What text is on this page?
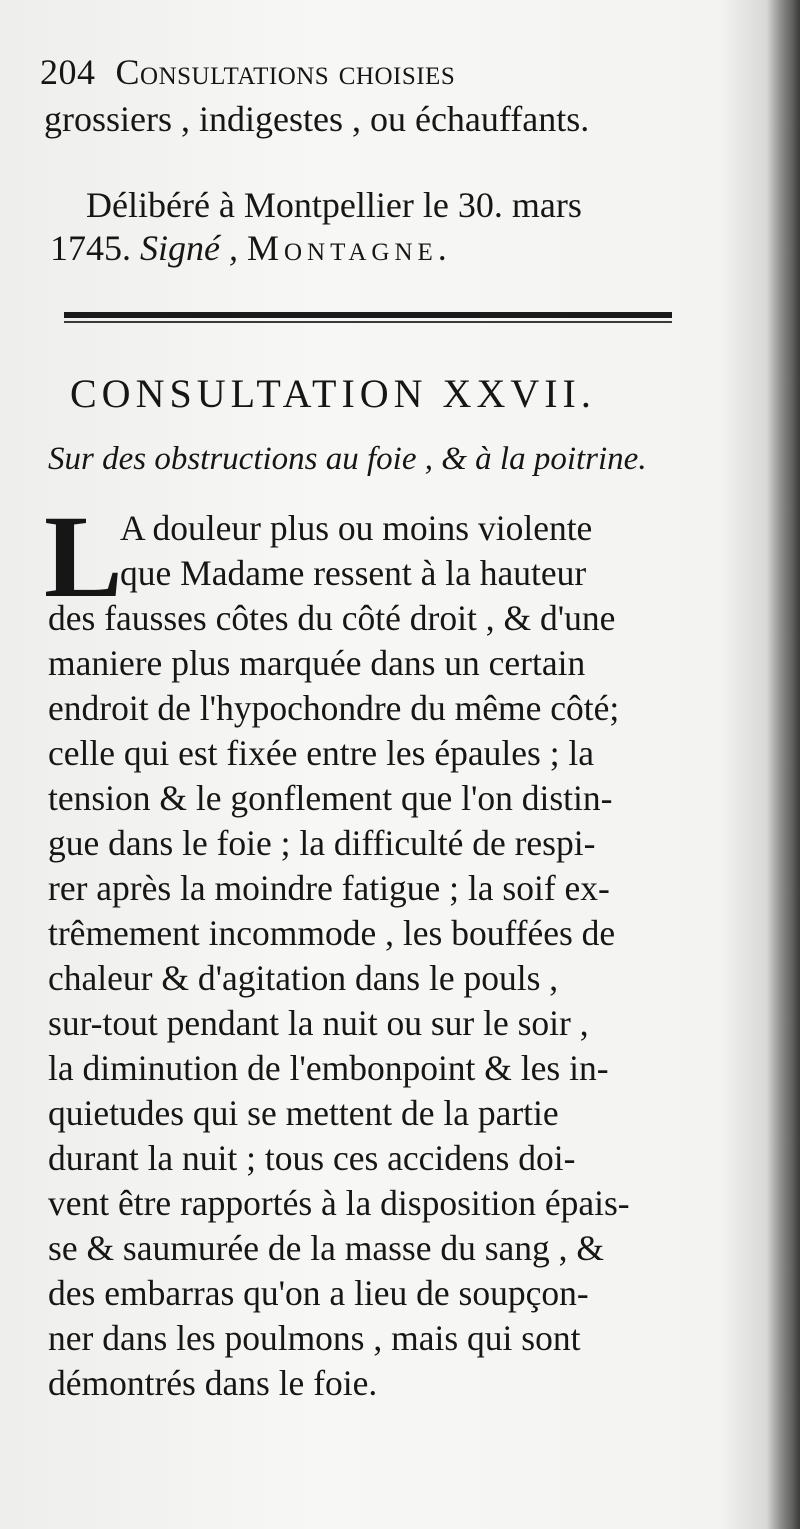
204 Consultations choisies
grossiers , indigestes , ou échauffants.
Délibéré à Montpellier le 30. mars
1745. Signé , Montagne.
CONSULTATION XXVII.
Sur des obstructions au foie , & à la poitrine.
L
A douleur plus ou moins violente
que Madame ressent à la hauteur
des fausses côtes du côté droit , & d'une
maniere plus marquée dans un certain
endroit de l'hypochondre du même côté;
celle qui est fixée entre les épaules ; la
tension & le gonflement que l'on distin-
gue dans le foie ; la difficulté de respi-
rer après la moindre fatigue ; la soif ex-
trêmement incommode , les bouffées de
chaleur & d'agitation dans le pouls ,
sur-tout pendant la nuit ou sur le soir ,
la diminution de l'embonpoint & les in-
quietudes qui se mettent de la partie
durant la nuit ; tous ces accidens doi-
vent être rapportés à la disposition épais-
se & saumurée de la masse du sang , &
des embarras qu'on a lieu de soupçon-
ner dans les poulmons , mais qui sont
démontrés dans le foie.
